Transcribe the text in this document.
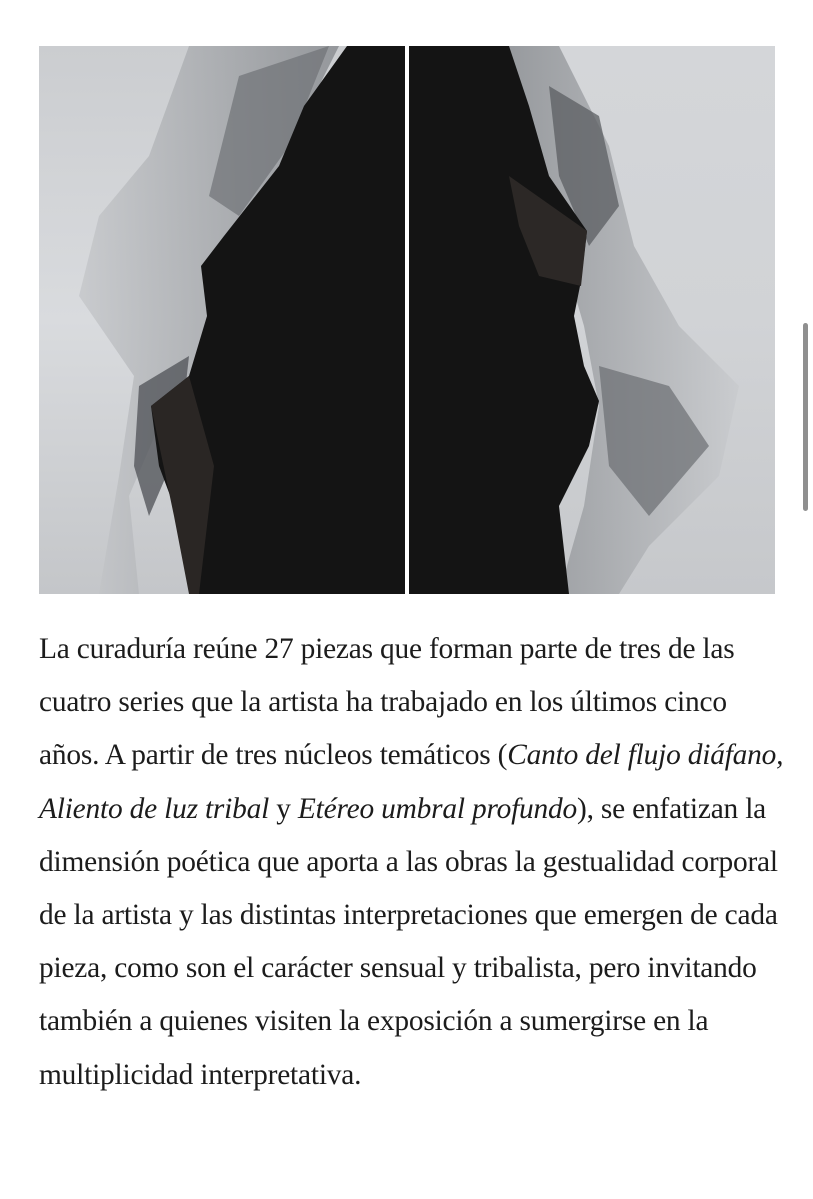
La curaduría reúne 27 piezas que forman parte de tres de las cuatro series que la artista ha trabajado en los últimos cinco años. A partir de tres núcleos temáticos (Canto del flujo diáfano, Aliento de luz tribal y Etéreo umbral profundo), se enfatizan la dimensión poética que aporta a las obras la gestualidad corporal de la artista y las distintas interpretaciones que emergen de cada pieza, como son el carácter sensual y tribalista, pero invitando también a quienes visiten la exposición a sumergirse en la multiplicidad interpretativa.
